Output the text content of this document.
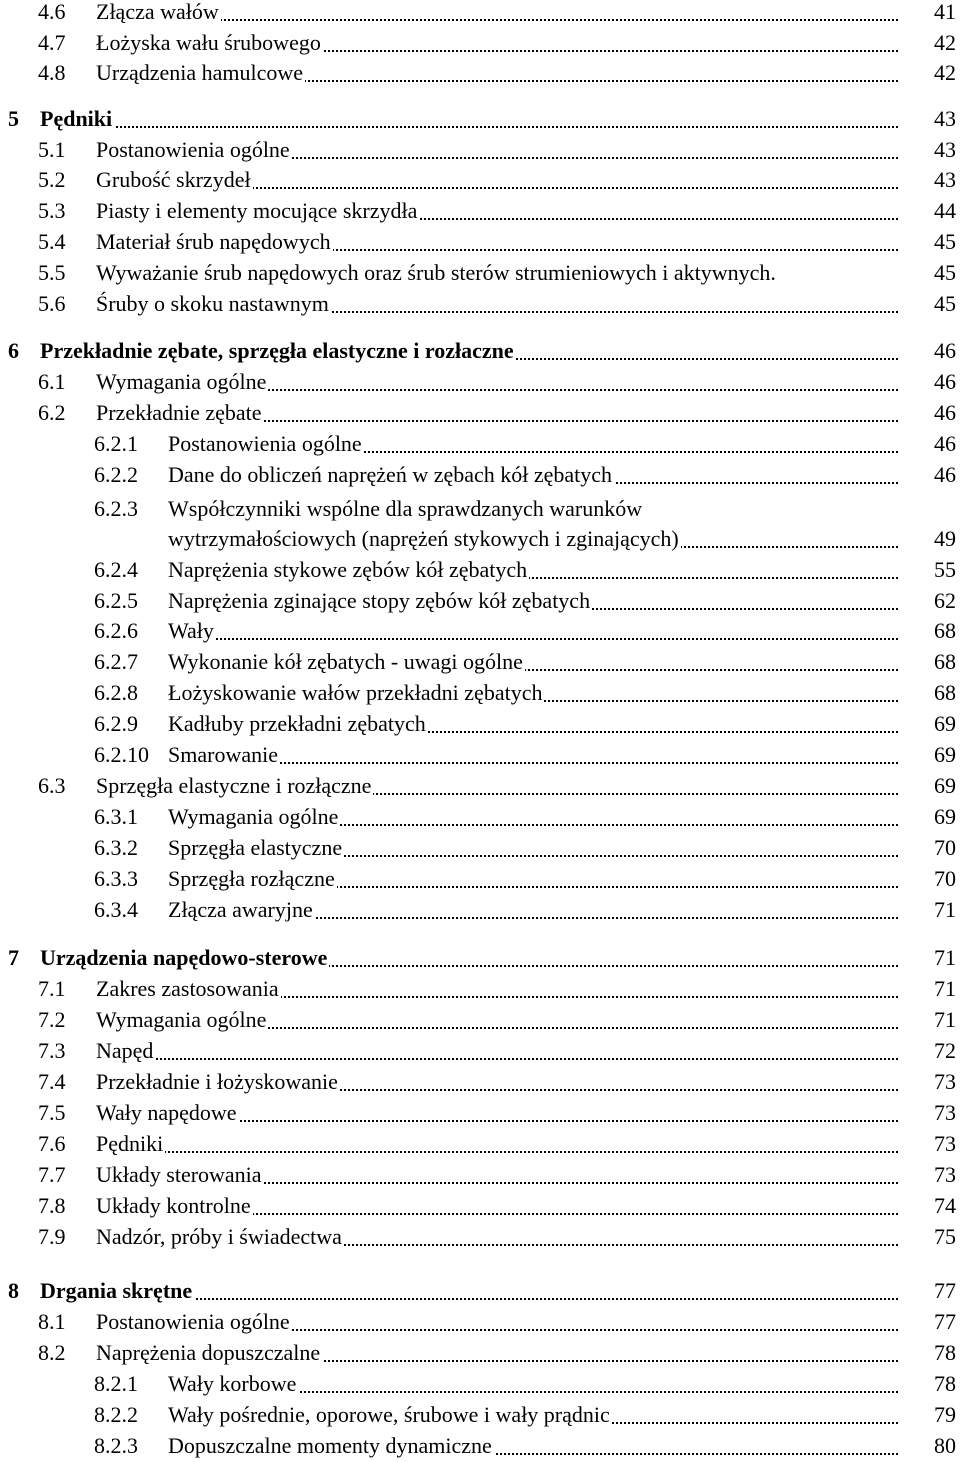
4.6 Złącza wałów	41
4.7 Łożyska wału śrubowego	42
4.8 Urządzenia hamulcowe	42
5 Pędniki	43
5.1 Postanowienia ogólne	43
5.2 Grubość skrzydeł	43
5.3 Piasty i elementy mocujące skrzydła	44
5.4 Materiał śrub napędowych	45
5.5 Wyważanie śrub napędowych oraz śrub sterów strumieniowych i aktywnych.	45
5.6 Śruby o skoku nastawnym	45
6 Przekładnie zębate, sprzęgła elastyczne i rozłaczne	46
6.1 Wymagania ogólne	46
6.2 Przekładnie zębate	46
6.2.1 Postanowienia ogólne	46
6.2.2 Dane do obliczeń naprężeń w zębach kół zębatych	46
6.2.3 Współczynniki wspólne dla sprawdzanych warunków
wytrzymałościowych (naprężeń stykowych i zginających)	49
6.2.4 Naprężenia stykowe zębów kół zębatych	55
6.2.5 Naprężenia zginające stopy zębów kół zębatych	62
6.2.6 Wały	68
6.2.7 Wykonanie kół zębatych - uwagi ogólne	68
6.2.8 Łożyskowanie wałów przekładni zębatych	68
6.2.9 Kadłuby przekładni zębatych	69
6.2.10 Smarowanie	69
6.3 Sprzęgła elastyczne i rozłączne	69
6.3.1 Wymagania ogólne	69
6.3.2 Sprzęgła elastyczne	70
6.3.3 Sprzęgła rozłączne	70
6.3.4 Złącza awaryjne	71
7 Urządzenia napędowo-sterowe	71
7.1 Zakres zastosowania	71
7.2 Wymagania ogólne	71
7.3 Napęd	72
7.4 Przekładnie i łożyskowanie	73
7.5 Wały napędowe	73
7.6 Pędniki	73
7.7 Układy sterowania	73
7.8 Układy kontrolne	74
7.9 Nadzór, próby i świadectwa	75
8 Drgania skrętne	77
8.1 Postanowienia ogólne	77
8.2 Naprężenia dopuszczalne	78
8.2.1 Wały korbowe	78
8.2.2 Wały pośrednie, oporowe, śrubowe i wały prądnic	79
8.2.3 Dopuszczalne momenty dynamiczne	80
